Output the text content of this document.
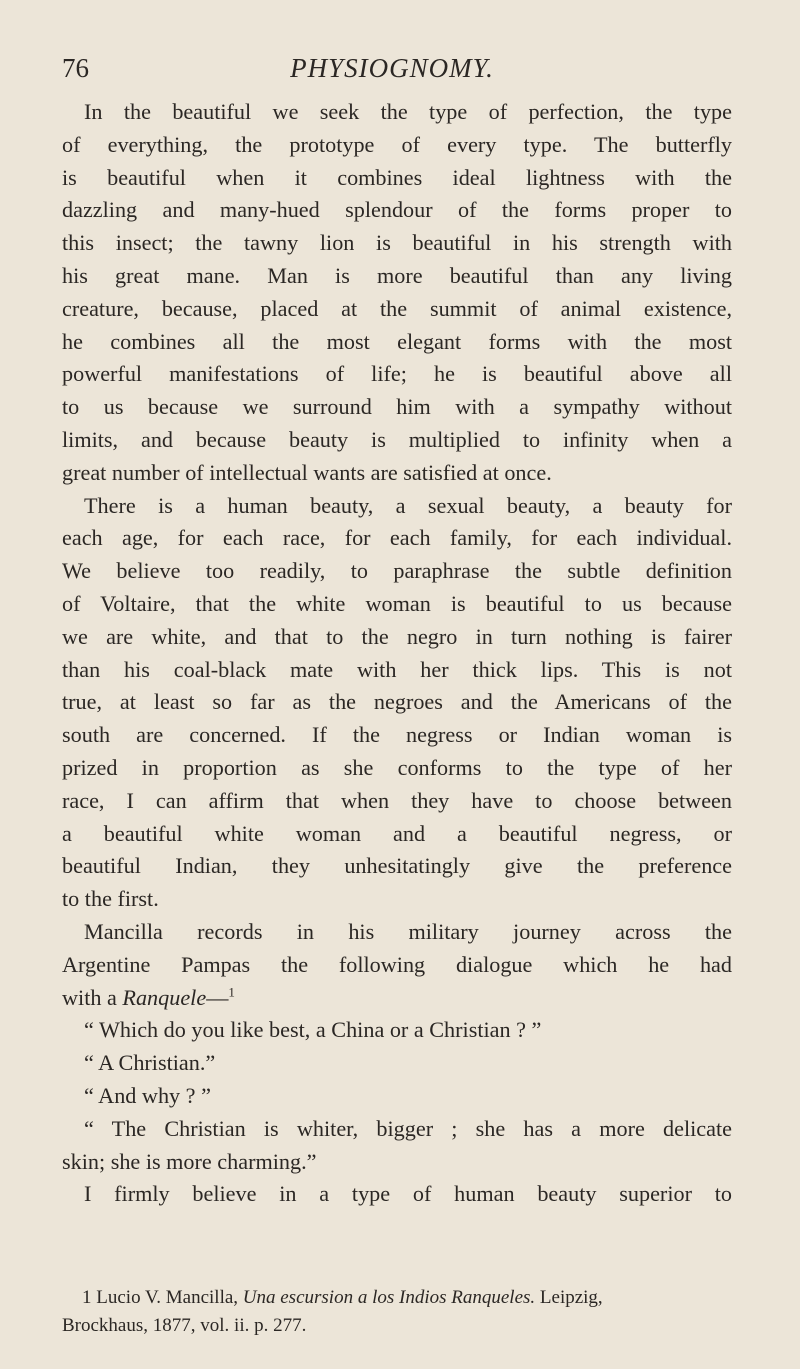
76	PHYSIOGNOMY.
In the beautiful we seek the type of perfection, the type
of everything, the prototype of every type. The butterfly
is beautiful when it combines ideal lightness with the
dazzling and many-hued splendour of the forms proper to
this insect; the tawny lion is beautiful in his strength with
his great mane. Man is more beautiful than any living
creature, because, placed at the summit of animal existence,
he combines all the most elegant forms with the most
powerful manifestations of life; he is beautiful above all
to us because we surround him with a sympathy without
limits, and because beauty is multiplied to infinity when a
great number of intellectual wants are satisfied at once.
There is a human beauty, a sexual beauty, a beauty for
each age, for each race, for each family, for each individual.
We believe too readily, to paraphrase the subtle definition
of Voltaire, that the white woman is beautiful to us because
we are white, and that to the negro in turn nothing is fairer
than his coal-black mate with her thick lips. This is not
true, at least so far as the negroes and the Americans of the
south are concerned. If the negress or Indian woman is
prized in proportion as she conforms to the type of her
race, I can affirm that when they have to choose between
a beautiful white woman and a beautiful negress, or
beautiful Indian, they unhesitatingly give the preference
to the first.
Mancilla records in his military journey across the
Argentine Pampas the following dialogue which he had
with a Ranquele—$^1$
“ Which do you like best, a China or a Christian ? ”
“ A Christian.”
“ And why ? ”
“ The Christian is whiter, bigger ; she has a more delicate
skin; she is more charming.”
I firmly believe in a type of human beauty superior to
1 Lucio V. Mancilla, Una escursion a los Indios Ranqueles. Leipzig,
Brockhaus, 1877, vol. ii. p. 277.
